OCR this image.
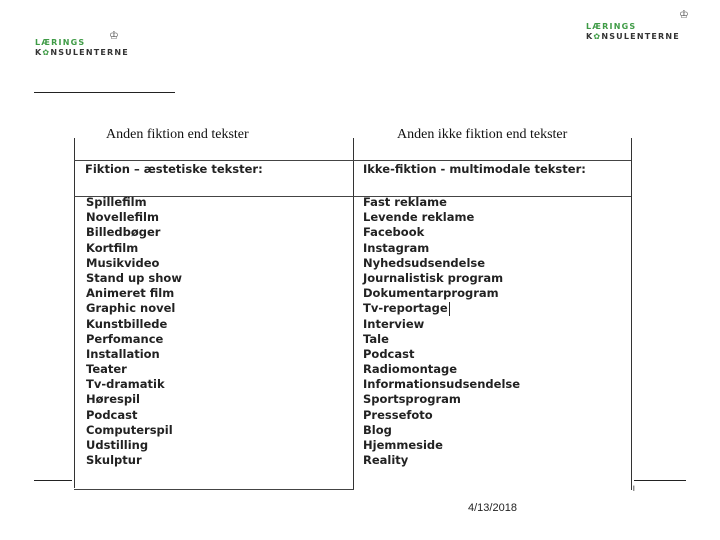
LÆRINGS
K✿NSULENTERNE
♔
LÆRINGS
K✿NSULENTERNE
♔
Anden fiktion end tekster	Anden ikke fiktion end tekster
╹
Fiktion – æstetiske tekster:	Ikke-fiktion - multimodale tekster:
Spillefilm
Novellefilm
Billedbøger
Kortfilm
Musikvideo
Stand up show
Animeret film
Graphic novel
Kunstbillede
Perfomance
Installation
Teater
Tv-dramatik
Hørespil
Podcast
Computerspil
Udstilling
Skulptur
Fast reklame
Levende reklame
Facebook
Instagram
Nyhedsudsendelse
Journalistisk program
Dokumentarprogram
Tv-reportage
Interview
Tale
Podcast
Radiomontage
Informationsudsendelse
Sportsprogram
Pressefoto
Blog
Hjemmeside
Reality
4/13/2018
